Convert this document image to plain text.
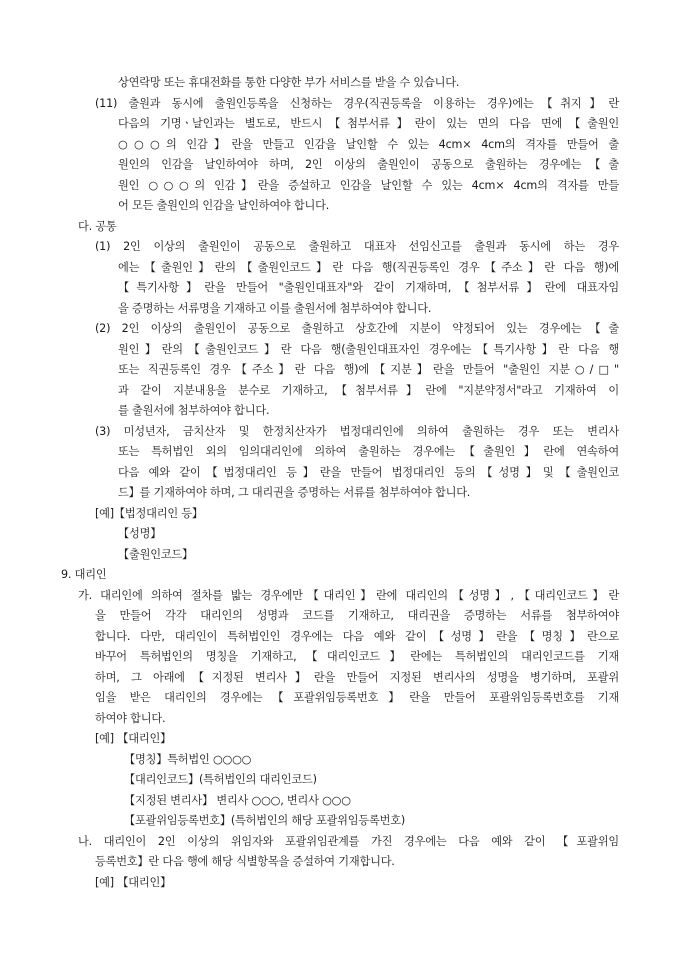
상연락망 또는 휴대전화를 통한 다양한 부가 서비스를 받을 수 있습니다.

(11) 출원과 동시에 출원인등록을 신청하는 경우(직권등록을 이용하는 경우)에는【취지】란

다음의 기명ㆍ날인과는 별도로, 반드시【첨부서류】란이 있는 면의 다음 면에【출원인

○○○의 인감】란을 만들고 인감을 날인할 수 있는 4cm× 4cm의 격자를 만들어 출

원인의 인감을 날인하여야 하며, 2인 이상의 출원인이 공동으로 출원하는 경우에는【출

원인 ○○○의 인감】란을 증설하고 인감을 날인할 수 있는 4cm× 4cm의 격자를 만들

어 모든 출원인의 인감을 날인하여야 합니다.

다. 공통

(1) 2인 이상의 출원인이 공동으로 출원하고 대표자 선임신고를 출원과 동시에 하는 경우

에는【출원인】란의【출원인코드】란 다음 행(직권등록인 경우【주소】란 다음 행)에

【특기사항】란을 만들어 "출원인대표자"와 같이 기재하며,【첨부서류】란에 대표자임

을 증명하는 서류명을 기재하고 이를 출원서에 첨부하여야 합니다.

(2) 2인 이상의 출원인이 공동으로 출원하고 상호간에 지분이 약정되어 있는 경우에는【출

원인】란의【출원인코드】란 다음 행(출원인대표자인 경우에는【특기사항】란 다음 행

또는 직권등록인 경우【주소】란 다음 행)에【지분】란을 만들어 "출원인 지분○/□"

과 같이 지분내용을 분수로 기재하고,【첨부서류】란에 "지분약정서"라고 기재하여 이

를 출원서에 첨부하여야 합니다.

(3) 미성년자, 금치산자 및 한정치산자가 법정대리인에 의하여 출원하는 경우 또는 변리사

또는 특허법인 외의 임의대리인에 의하여 출원하는 경우에는【출원인】란에 연속하여

다음 예와 같이【법정대리인 등】란을 만들어 법정대리인 등의【성명】및【출원인코

드】를 기재하여야 하며, 그 대리권을 증명하는 서류를 첨부하여야 합니다.

[예]【법정대리인 등】

【성명】

【출원인코드】

9. 대리인

가. 대리인에 의하여 절차를 밟는 경우에만【대리인】란에 대리인의【성명】,【대리인코드】란

을 만들어 각각 대리인의 성명과 코드를 기재하고, 대리권을 증명하는 서류를 첨부하여야

합니다. 다만, 대리인이 특허법인인 경우에는 다음 예와 같이【성명】란을【명칭】란으로

바꾸어 특허법인의 명칭을 기재하고,【대리인코드】란에는 특허법인의 대리인코드를 기재

하며, 그 아래에【지정된 변리사】란을 만들어 지정된 변리사의 성명을 병기하며, 포괄위

임을 받은 대리인의 경우에는【포괄위임등록번호】란을 만들어 포괄위임등록번호를 기재

하여야 합니다.

[예] 【대리인】

【명칭】특허법인 ○○○○

【대리인코드】(특허법인의 대리인코드)

【지정된 변리사】 변리사 ○○○, 변리사 ○○○

【포괄위임등록번호】(특허법인의 해당 포괄위임등록번호)

나. 대리인이 2인 이상의 위임자와 포괄위임관계를 가진 경우에는 다음 예와 같이 【포괄위임

등록번호】란 다음 행에 해당 식별항목을 증설하여 기재합니다.

[예] 【대리인】
